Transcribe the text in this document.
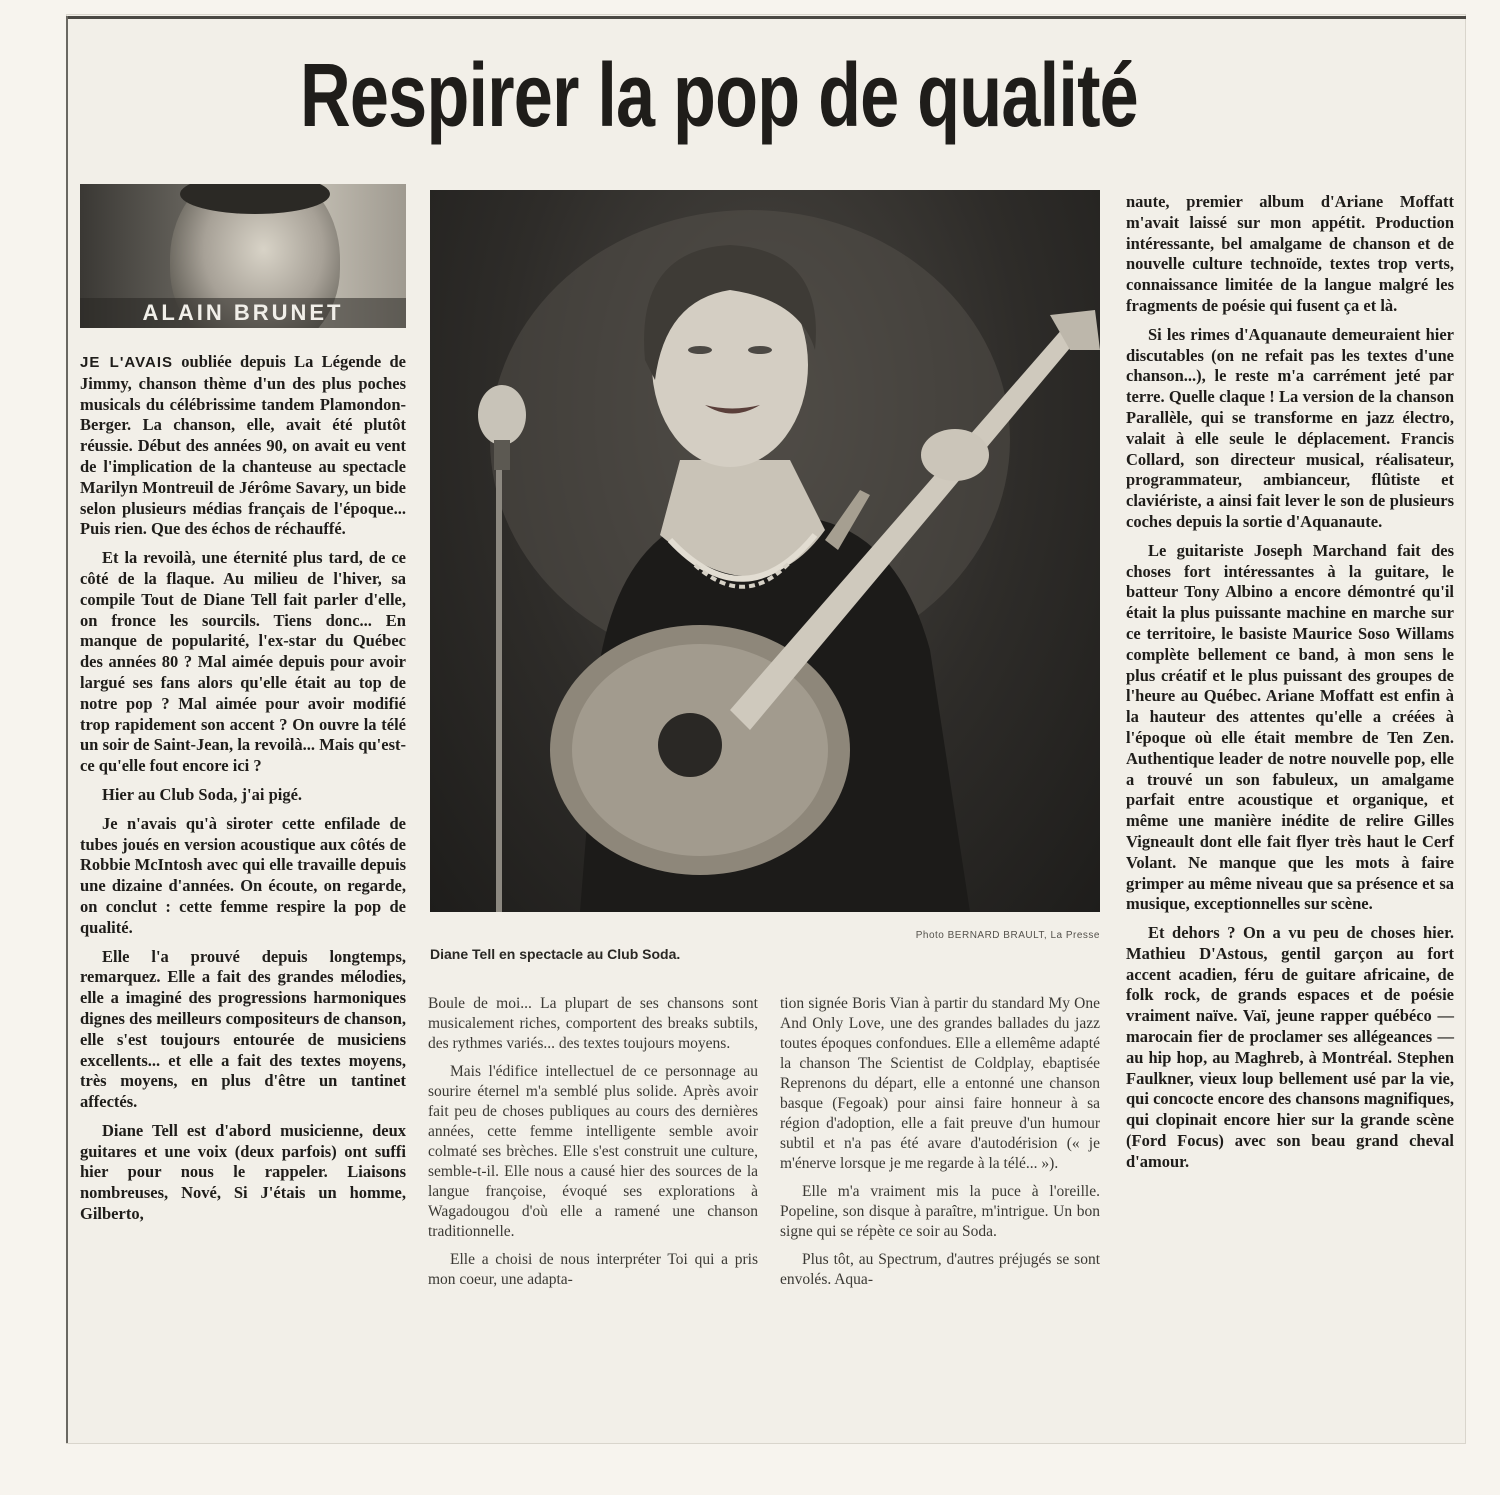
Respirer la pop de qualité
ALAIN BRUNET
Photo BERNARD BRAULT, La Presse
Diane Tell en spectacle au Club Soda.

JE L'AVAIS oubliée depuis La Légende de Jimmy, chanson thème d'un des plus poches musicals du célébrissime tandem Plamondon-Berger. La chanson, elle, avait été plutôt réussie. Début des années 90, on avait eu vent de l'implication de la chanteuse au spectacle Marilyn Montreuil de Jérôme Savary, un bide selon plusieurs médias français de l'époque... Puis rien. Que des échos de réchauffé.

Et la revoilà, une éternité plus tard, de ce côté de la flaque. Au milieu de l'hiver, sa compile Tout de Diane Tell fait parler d'elle, on fronce les sourcils. Tiens donc... En manque de popularité, l'ex-star du Québec des années 80 ? Mal aimée depuis pour avoir largué ses fans alors qu'elle était au top de notre pop ? Mal aimée pour avoir modifié trop rapidement son accent ? On ouvre la télé un soir de Saint-Jean, la revoilà... Mais qu'est-ce qu'elle fout encore ici ?

Hier au Club Soda, j'ai pigé.

Je n'avais qu'à siroter cette enfilade de tubes joués en version acoustique aux côtés de Robbie McIntosh avec qui elle travaille depuis une dizaine d'années. On écoute, on regarde, on conclut : cette femme respire la pop de qualité.

Elle l'a prouvé depuis longtemps, remarquez. Elle a fait des grandes mélodies, elle a imaginé des progressions harmoniques dignes des meilleurs compositeurs de chanson, elle s'est toujours entourée de musiciens excellents... et elle a fait des textes moyens, très moyens, en plus d'être un tantinet affectés.

Diane Tell est d'abord musicienne, deux guitares et une voix (deux parfois) ont suffi hier pour nous le rappeler. Liaisons nombreuses, Nové, Si J'étais un homme, Gilberto,

Boule de moi... La plupart de ses chansons sont musicalement riches, comportent des breaks subtils, des rythmes variés... des textes toujours moyens.

Mais l'édifice intellectuel de ce personnage au sourire éternel m'a semblé plus solide. Après avoir fait peu de choses publiques au cours des dernières années, cette femme intelligente semble avoir colmaté ses brèches. Elle s'est construit une culture, semble-t-il. Elle nous a causé hier des sources de la langue françoise, évoqué ses explorations à Wagadougou d'où elle a ramené une chanson traditionnelle.

Elle a choisi de nous interpréter Toi qui a pris mon coeur, une adapta-

tion signée Boris Vian à partir du standard My One And Only Love, une des grandes ballades du jazz toutes époques confondues. Elle a ellemême adapté la chanson The Scientist de Coldplay, ebaptisée Reprenons du départ, elle a entonné une chanson basque (Fegoak) pour ainsi faire honneur à sa région d'adoption, elle a fait preuve d'un humour subtil et n'a pas été avare d'autodérision (« je m'énerve lorsque je me regarde à la télé... »).

Elle m'a vraiment mis la puce à l'oreille. Popeline, son disque à paraître, m'intrigue. Un bon signe qui se répète ce soir au Soda.

Plus tôt, au Spectrum, d'autres préjugés se sont envolés. Aqua-

naute, premier album d'Ariane Moffatt m'avait laissé sur mon appétit. Production intéressante, bel amalgame de chanson et de nouvelle culture technoïde, textes trop verts, connaissance limitée de la langue malgré les fragments de poésie qui fusent ça et là.

Si les rimes d'Aquanaute demeuraient hier discutables (on ne refait pas les textes d'une chanson...), le reste m'a carrément jeté par terre. Quelle claque ! La version de la chanson Parallèle, qui se transforme en jazz électro, valait à elle seule le déplacement. Francis Collard, son directeur musical, réalisateur, programmateur, ambianceur, flûtiste et claviériste, a ainsi fait lever le son de plusieurs coches depuis la sortie d'Aquanaute.

Le guitariste Joseph Marchand fait des choses fort intéressantes à la guitare, le batteur Tony Albino a encore démontré qu'il était la plus puissante machine en marche sur ce territoire, le basiste Maurice Soso Willams complète bellement ce band, à mon sens le plus créatif et le plus puissant des groupes de l'heure au Québec. Ariane Moffatt est enfin à la hauteur des attentes qu'elle a créées à l'époque où elle était membre de Ten Zen. Authentique leader de notre nouvelle pop, elle a trouvé un son fabuleux, un amalgame parfait entre acoustique et organique, et même une manière inédite de relire Gilles Vigneault dont elle fait flyer très haut le Cerf Volant. Ne manque que les mots à faire grimper au même niveau que sa présence et sa musique, exceptionnelles sur scène.

Et dehors ? On a vu peu de choses hier. Mathieu D'Astous, gentil garçon au fort accent acadien, féru de guitare africaine, de folk rock, de grands espaces et de poésie vraiment naïve. Vaï, jeune rapper québéco —marocain fier de proclamer ses allégeances — au hip hop, au Maghreb, à Montréal. Stephen Faulkner, vieux loup bellement usé par la vie, qui concocte encore des chansons magnifiques, qui clopinait encore hier sur la grande scène (Ford Focus) avec son beau grand cheval d'amour.
